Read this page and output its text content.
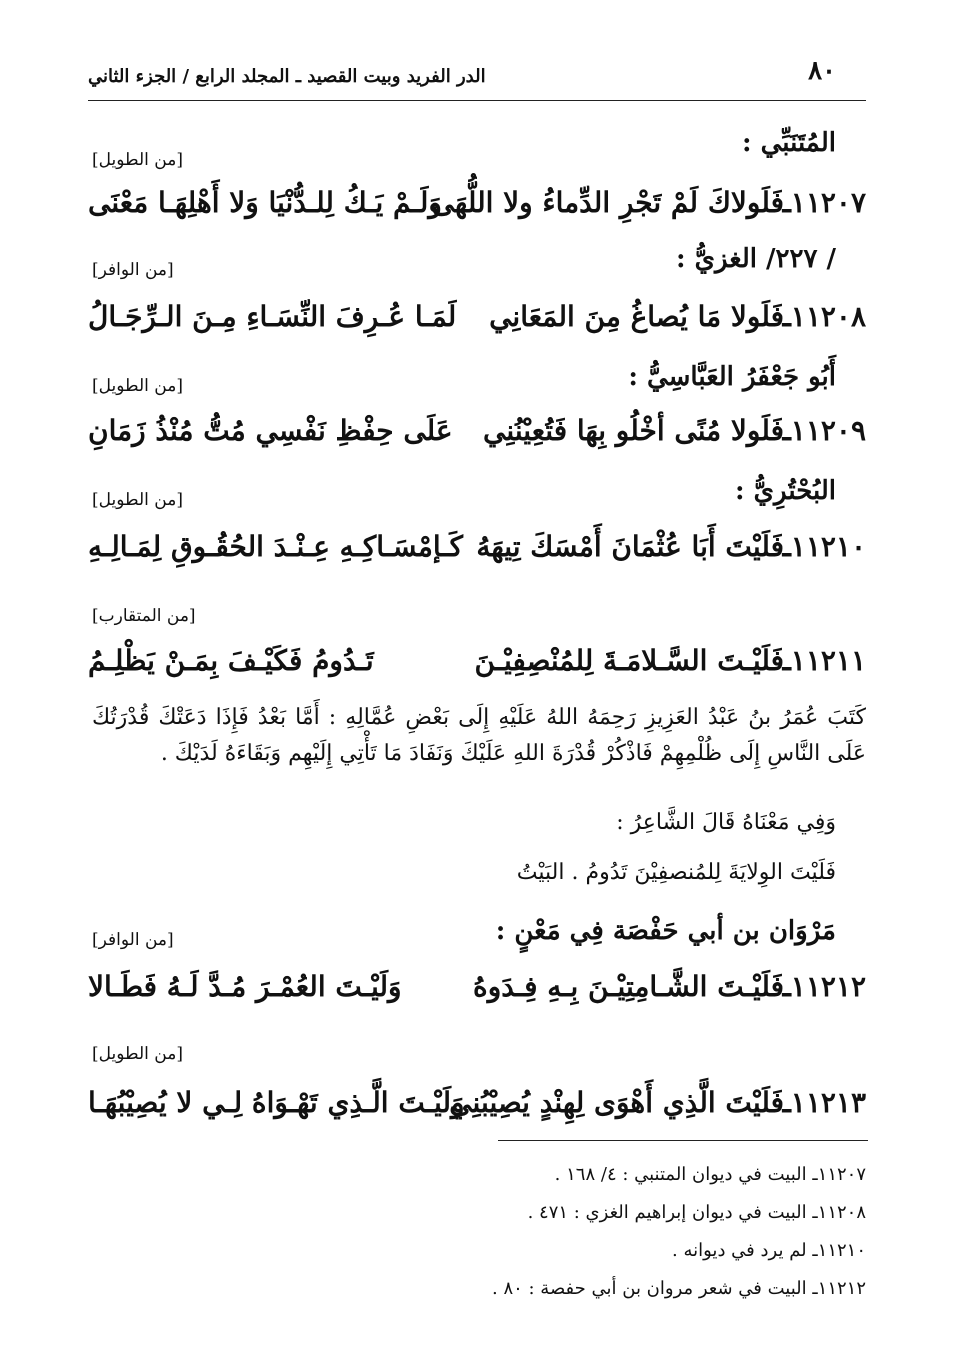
٨٠
الدر الفريد وبيت القصيد ـ المجلد الرابع / الجزء الثاني
المُتَنَبِّي :
[من الطويل]
١١٢٠٧ـ
فَلَولاكَ لَمْ تَجْرِ الدِّماءُ ولا اللُّهَى
وَلَـمْ يَـكُ لِلـدُّنْيَا وَلا أَهْلِهَـا مَعْنَى
/ ٢٢٧/ الغزيُّ :
[من الوافر]
١١٢٠٨ـ
فَلَولا مَا يُصاغُ مِنَ المَعَانِي
لَمَـا عُـرِفَ النِّسَـاءِ مِـنَ الـرِّجَـالُ
أَبُو جَعْفَرُ العَبَّاسِيُّ :
[من الطويل]
١١٢٠٩ـ
فَلَولا مُنًى أخْلُو بِهَا فَتُعِيْنُنِي
عَلَى حِفْظِ نَفْسِي مُتُّ مُنْذُ زَمَانِ
البُحْتُرِيُّ :
[من الطويل]
١١٢١٠ـ
فَلَيْتَ أَبَا عُثْمَانَ أَمْسَكَ تِيهَهُ
كَـإمْسَـاكِـهِ عِـنْـدَ الحُقُـوقِ لِمَـالِـهِ
[من المتقارب]
١١٢١١ـ
فَلَيْـتَ السَّـلامَـةَ لِلمُنْصِفِيْـنَ
تَـدُومُ فَكَيْـفَ بِمَـنْ يَظْلِـمُ
كَتَبَ عُمَرُ بنُ عَبْدُ العَزِيزِ رَحِمَهُ اللهُ عَلَيْهِ إِلَى بَعْضِ عُمَّالِهِ : أَمَّا بَعْدُ فَإِذَا دَعَتْكَ قُدْرَتُكَ عَلَى النَّاسِ إِلَى ظُلْمِهِمْ فَاذْكُرْ قُدْرَةَ اللهِ عَلَيْكَ وَنَفَادَ مَا تَأْتِي إِلَيْهِم وَبَقَاءَهُ لَدَيْكَ .
وَفِي مَعْنَاهُ قَالَ الشَّاعِرُ :
فَلَيْتَ الوِلايَةَ لِلمُنصفِيْنَ تَدُومُ . البَيْتُ
مَرْوَان بن أبي حَفْصَة فِي مَعْنٍ :
[من الوافر]
١١٢١٢ـ
فَلَيْـتَ الشَّـامِتِيْـنَ بِـهِ فِـدَوهُ
وَلَيْـتَ العُمْـرَ مُـدَّ لَـهُ فَطَـالا
[من الطويل]
١١٢١٣ـ
فَلَيْتَ الَّذِي أَهْوَى لِهِنْدٍ يُصِيْبُنِي
وَلَيْـتَ الَّـذِي تَهْـوَاهُ لِـي لا يُصِيْبُهَـا
١١٢٠٧ـ البيت في ديوان المتنبي : ٤/ ١٦٨ .
١١٢٠٨ـ البيت في ديوان إبراهيم الغزي : ٤٧١ .
١١٢١٠ـ لم يرد في ديوانه .
١١٢١٢ـ البيت في شعر مروان بن أبي حفصة : ٨٠ .
